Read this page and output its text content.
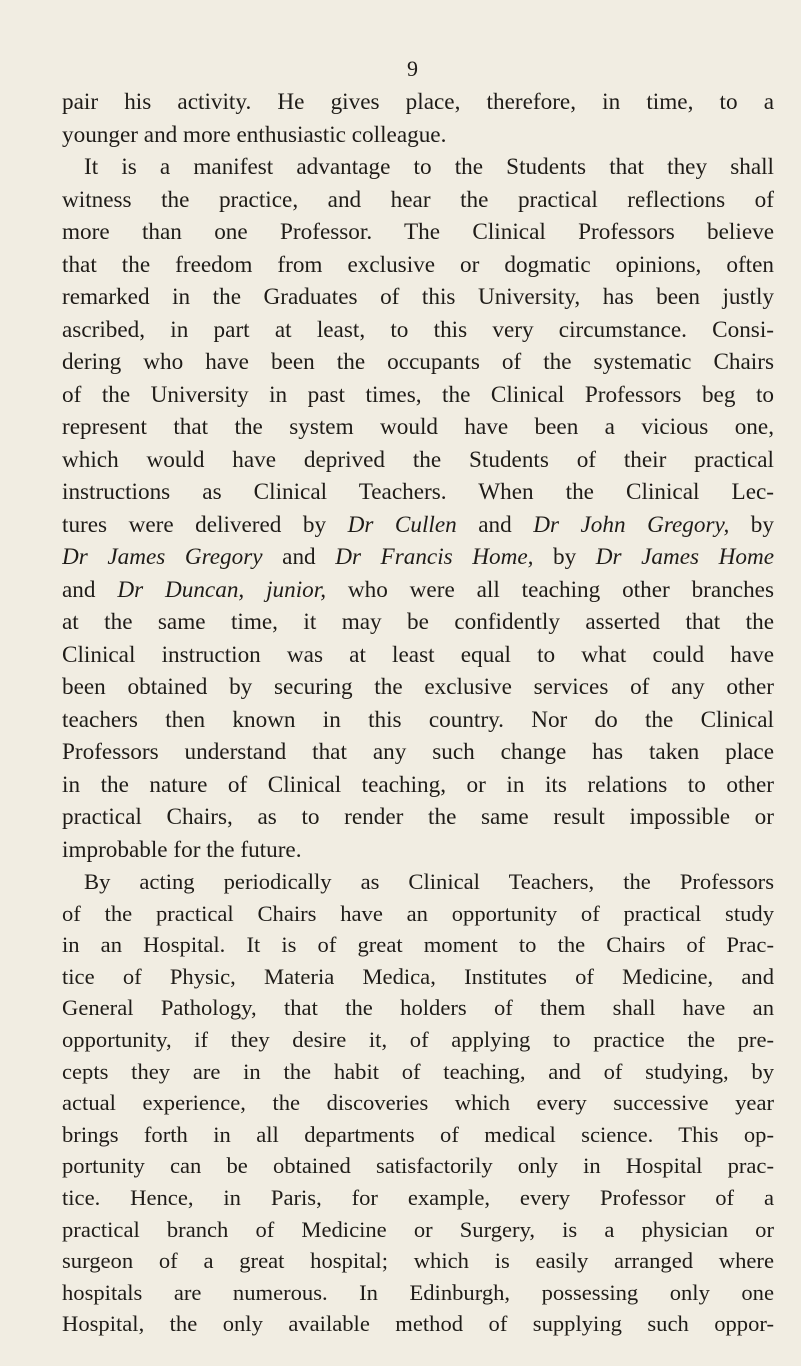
9
pair his activity. He gives place, therefore, in time, to a
younger and more enthusiastic colleague.
It is a manifest advantage to the Students that they shall
witness the practice, and hear the practical reflections of
more than one Professor. The Clinical Professors believe
that the freedom from exclusive or dogmatic opinions, often
remarked in the Graduates of this University, has been justly
ascribed, in part at least, to this very circumstance. Consi-
dering who have been the occupants of the systematic Chairs
of the University in past times, the Clinical Professors beg to
represent that the system would have been a vicious one,
which would have deprived the Students of their practical
instructions as Clinical Teachers. When the Clinical Lec-
tures were delivered by Dr Cullen and Dr John Gregory, by
Dr James Gregory and Dr Francis Home, by Dr James Home
and Dr Duncan, junior, who were all teaching other branches
at the same time, it may be confidently asserted that the
Clinical instruction was at least equal to what could have
been obtained by securing the exclusive services of any other
teachers then known in this country. Nor do the Clinical
Professors understand that any such change has taken place
in the nature of Clinical teaching, or in its relations to other
practical Chairs, as to render the same result impossible or
improbable for the future.
By acting periodically as Clinical Teachers, the Professors
of the practical Chairs have an opportunity of practical study
in an Hospital. It is of great moment to the Chairs of Prac-
tice of Physic, Materia Medica, Institutes of Medicine, and
General Pathology, that the holders of them shall have an
opportunity, if they desire it, of applying to practice the pre-
cepts they are in the habit of teaching, and of studying, by
actual experience, the discoveries which every successive year
brings forth in all departments of medical science. This op-
portunity can be obtained satisfactorily only in Hospital prac-
tice. Hence, in Paris, for example, every Professor of a
practical branch of Medicine or Surgery, is a physician or
surgeon of a great hospital; which is easily arranged where
hospitals are numerous. In Edinburgh, possessing only one
Hospital, the only available method of supplying such oppor-
